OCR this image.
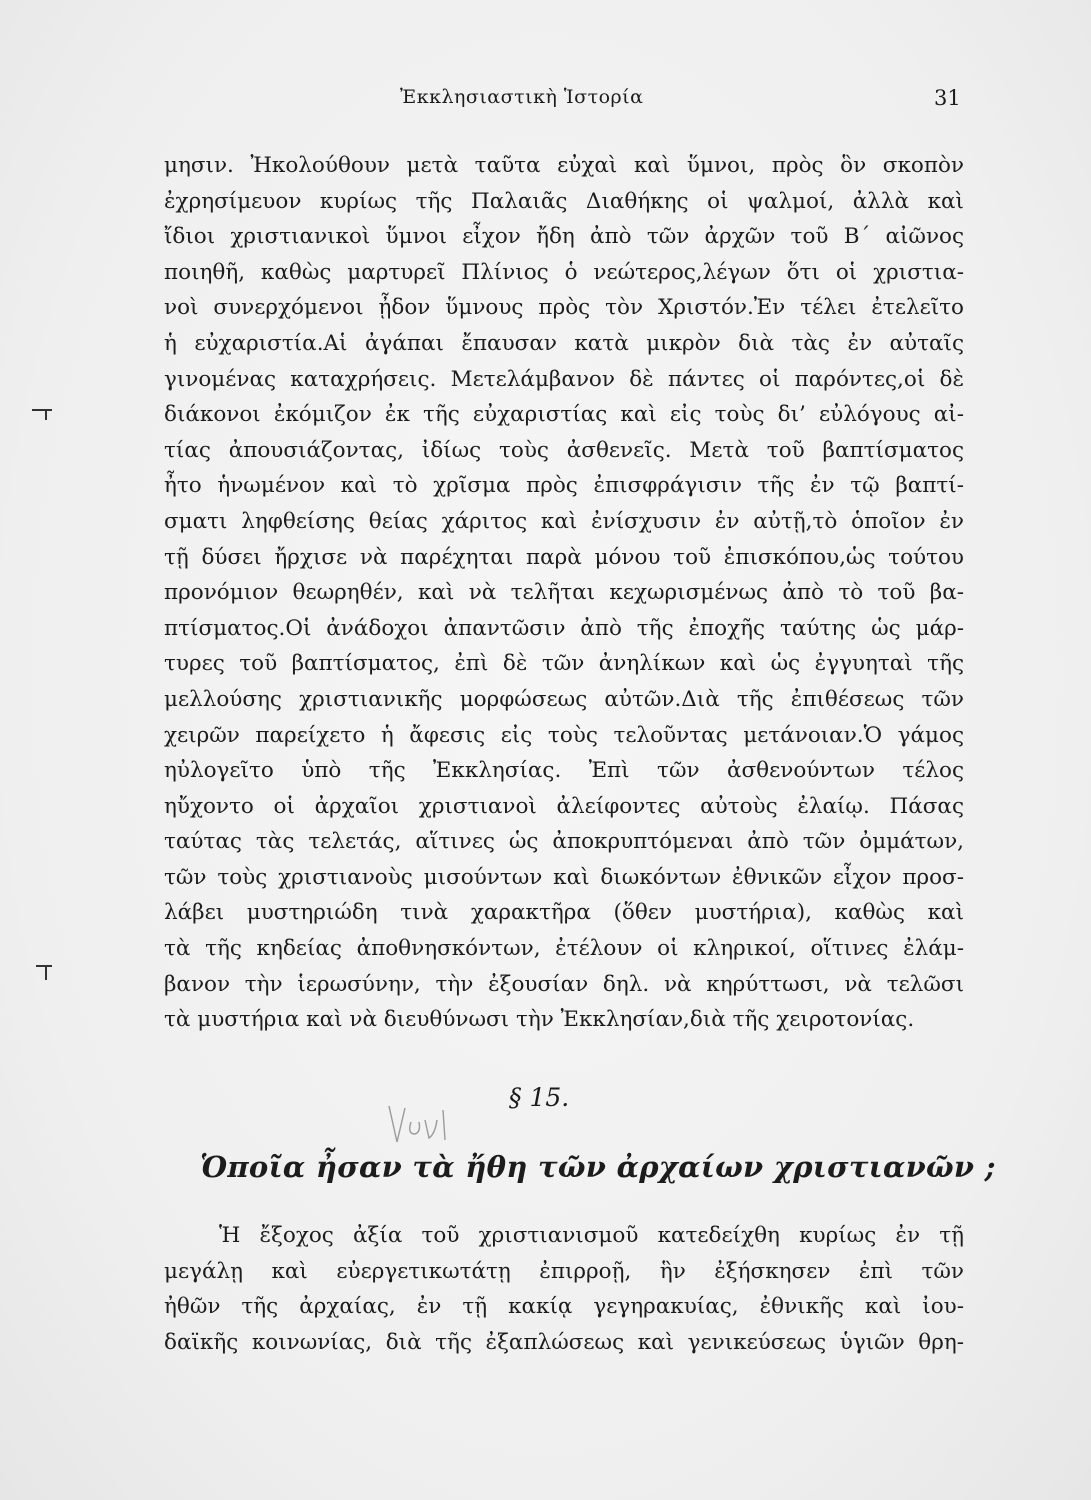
Ἐκκλησιαστικὴ Ἱστορία	31
μησιν. Ἠκολούθουν μετὰ ταῦτα εὐχαὶ καὶ ὕμνοι, πρὸς ὃν σκοπὸν
ἐχρησίμευον κυρίως τῆς Παλαιᾶς Διαθήκης οἱ ψαλμοί, ἀλλὰ καὶ
ἴδιοι χριστιανικοὶ ὕμνοι εἶχον ἤδη ἀπὸ τῶν ἀρχῶν τοῦ Β´ αἰῶνος
ποιηθῆ, καθὼς μαρτυρεῖ Πλίνιος ὁ νεώτερος,λέγων ὅτι οἱ χριστια-
νοὶ συνερχόμενοι ᾖδον ὕμνους πρὸς τὸν Χριστόν.Ἐν τέλει ἐτελεῖτο
ἡ εὐχαριστία.Αἱ ἀγάπαι ἔπαυσαν κατὰ μικρὸν διὰ τὰς ἐν αὐταῖς
γινομένας καταχρήσεις. Μετελάμβανον δὲ πάντες οἱ παρόντες,οἱ δὲ
διάκονοι ἐκόμιζον ἐκ τῆς εὐχαριστίας καὶ εἰς τοὺς δι’ εὐλόγους αἰ-
τίας ἀπουσιάζοντας, ἰδίως τοὺς ἀσθενεῖς. Μετὰ τοῦ βαπτίσματος
ἦτο ἡνωμένον καὶ τὸ χρῖσμα πρὸς ἐπισφράγισιν τῆς ἐν τῷ βαπτί-
σματι ληφθείσης θείας χάριτος καὶ ἐνίσχυσιν ἐν αὐτῇ,τὸ ὁποῖον ἐν
τῇ δύσει ἤρχισε νὰ παρέχηται παρὰ μόνου τοῦ ἐπισκόπου,ὡς τούτου
προνόμιον θεωρηθέν, καὶ νὰ τελῆται κεχωρισμένως ἀπὸ τὸ τοῦ βα-
πτίσματος.Οἱ ἀνάδοχοι ἀπαντῶσιν ἀπὸ τῆς ἐποχῆς ταύτης ὡς μάρ-
τυρες τοῦ βαπτίσματος, ἐπὶ δὲ τῶν ἀνηλίκων καὶ ὡς ἐγγυηταὶ τῆς
μελλούσης χριστιανικῆς μορφώσεως αὐτῶν.Διὰ τῆς ἐπιθέσεως τῶν
χειρῶν παρείχετο ἡ ἄφεσις εἰς τοὺς τελοῦντας μετάνοιαν.Ὁ γάμος
ηὐλογεῖτο ὑπὸ τῆς Ἐκκλησίας. Ἐπὶ τῶν ἀσθενούντων τέλος
ηὔχοντο οἱ ἀρχαῖοι χριστιανοὶ ἀλείφοντες αὐτοὺς ἐλαίῳ. Πάσας
ταύτας τὰς τελετάς, αἵτινες ὡς ἀποκρυπτόμεναι ἀπὸ τῶν ὀμμάτων,
τῶν τοὺς χριστιανοὺς μισούντων καὶ διωκόντων ἐθνικῶν εἶχον προσ-
λάβει μυστηριώδη τινὰ χαρακτῆρα (ὅθεν μυστήρια), καθὼς καὶ
τὰ τῆς κηδείας ἀποθνησκόντων, ἐτέλουν οἱ κληρικοί, οἵτινες ἐλάμ-
βανον τὴν ἱερωσύνην, τὴν ἐξουσίαν δηλ. νὰ κηρύττωσι, νὰ τελῶσι
τὰ μυστήρια καὶ νὰ διευθύνωσι τὴν Ἐκκλησίαν,διὰ τῆς χειροτονίας.
§ 15.
Ὁποῖα ἦσαν τὰ ἤθη τῶν ἀρχαίων χριστιανῶν ;
Ἡ ἔξοχος ἀξία τοῦ χριστιανισμοῦ κατεδείχθη κυρίως ἐν τῇ
μεγάλῃ καὶ εὐεργετικωτάτῃ ἐπιρροῇ, ἣν ἐξήσκησεν ἐπὶ τῶν
ἠθῶν τῆς ἀρχαίας, ἐν τῇ κακίᾳ γεγηρακυίας, ἐθνικῆς καὶ ἰου-
δαϊκῆς κοινωνίας, διὰ τῆς ἐξαπλώσεως καὶ γενικεύσεως ὑγιῶν θρη-
